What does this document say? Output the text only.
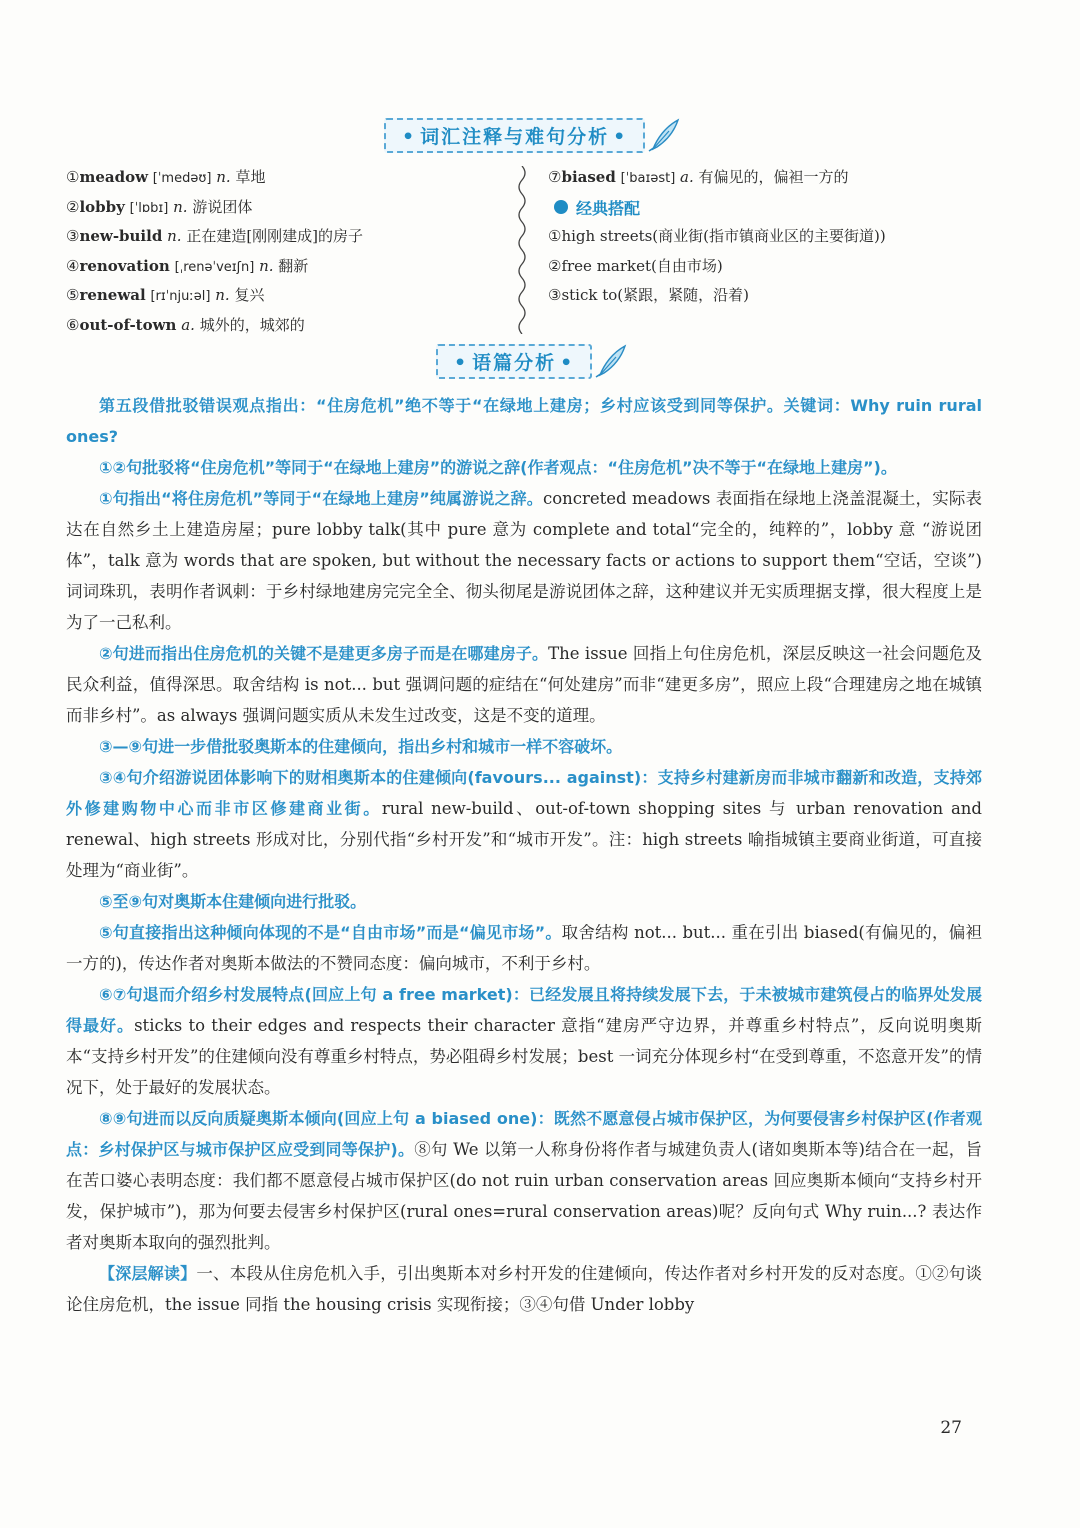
• 词汇注释与难句分析 •
①meadow [ˈmedəʊ] n. 草地
②lobby [ˈlɒbɪ] n. 游说团体
③new-build n. 正在建造[刚刚建成]的房子
④renovation [ˌrenəˈveɪʃn] n. 翻新
⑤renewal [rɪˈnjuːəl] n. 复兴
⑥out-of-town a. 城外的，城郊的
⑦biased [ˈbaɪəst] a. 有偏见的，偏袒一方的
经典搭配
①high streets(商业街(指市镇商业区的主要街道))
②free market(自由市场)
③stick to(紧跟，紧随，沿着)
• 语篇分析 •

第五段借批驳错误观点指出：“住房危机”绝不等于“在绿地上建房；乡村应该受到同等保护。关键词：Why ruin rural ones?

①②句批驳将“住房危机”等同于“在绿地上建房”的游说之辞(作者观点：“住房危机”决不等于“在绿地上建房”)。

①句指出“将住房危机”等同于“在绿地上建房”纯属游说之辞。concreted meadows 表面指在绿地上浇盖混凝土，实际表达在自然乡土上建造房屋；pure lobby talk(其中 pure 意为 complete and total“完全的，纯粹的”，lobby 意 “游说团体”，talk 意为 words that are spoken, but without the necessary facts or actions to support them“空话，空谈”)词词珠玑，表明作者讽刺：于乡村绿地建房完完全全、彻头彻尾是游说团体之辞，这种建议并无实质理据支撑，很大程度上是为了一己私利。

②句进而指出住房危机的关键不是建更多房子而是在哪建房子。The issue 回指上句住房危机，深层反映这一社会问题危及民众利益，值得深思。取舍结构 is not... but 强调问题的症结在“何处建房”而非“建更多房”，照应上段“合理建房之地在城镇而非乡村”。as always 强调问题实质从未发生过改变，这是不变的道理。

③—⑨句进一步借批驳奥斯本的住建倾向，指出乡村和城市一样不容破坏。

③④句介绍游说团体影响下的财相奥斯本的住建倾向(favours... against)：支持乡村建新房而非城市翻新和改造，支持郊外修建购物中心而非市区修建商业街。rural new-build、out-of-town shopping sites 与 urban renovation and renewal、high streets 形成对比，分别代指“乡村开发”和“城市开发”。注：high streets 喻指城镇主要商业街道，可直接处理为“商业街”。

⑤至⑨句对奥斯本住建倾向进行批驳。

⑤句直接指出这种倾向体现的不是“自由市场”而是“偏见市场”。取舍结构 not... but... 重在引出 biased(有偏见的，偏袒一方的)，传达作者对奥斯本做法的不赞同态度：偏向城市，不利于乡村。

⑥⑦句退而介绍乡村发展特点(回应上句 a free market)：已经发展且将持续发展下去，于未被城市建筑侵占的临界处发展得最好。sticks to their edges and respects their character 意指“建房严守边界，并尊重乡村特点”，反向说明奥斯本“支持乡村开发”的住建倾向没有尊重乡村特点，势必阻碍乡村发展；best 一词充分体现乡村“在受到尊重，不恣意开发”的情况下，处于最好的发展状态。

⑧⑨句进而以反向质疑奥斯本倾向(回应上句 a biased one)：既然不愿意侵占城市保护区，为何要侵害乡村保护区(作者观点：乡村保护区与城市保护区应受到同等保护)。⑧句 We 以第一人称身份将作者与城建负责人(诸如奥斯本等)结合在一起，旨在苦口婆心表明态度：我们都不愿意侵占城市保护区(do not ruin urban conservation areas 回应奥斯本倾向“支持乡村开发，保护城市”)，那为何要去侵害乡村保护区(rural ones=rural conservation areas)呢？反向句式 Why ruin...? 表达作者对奥斯本取向的强烈批判。

【深层解读】一、本段从住房危机入手，引出奥斯本对乡村开发的住建倾向，传达作者对乡村开发的反对态度。①②句谈论住房危机，the issue 同指 the housing crisis 实现衔接；③④句借 Under lobby

27
